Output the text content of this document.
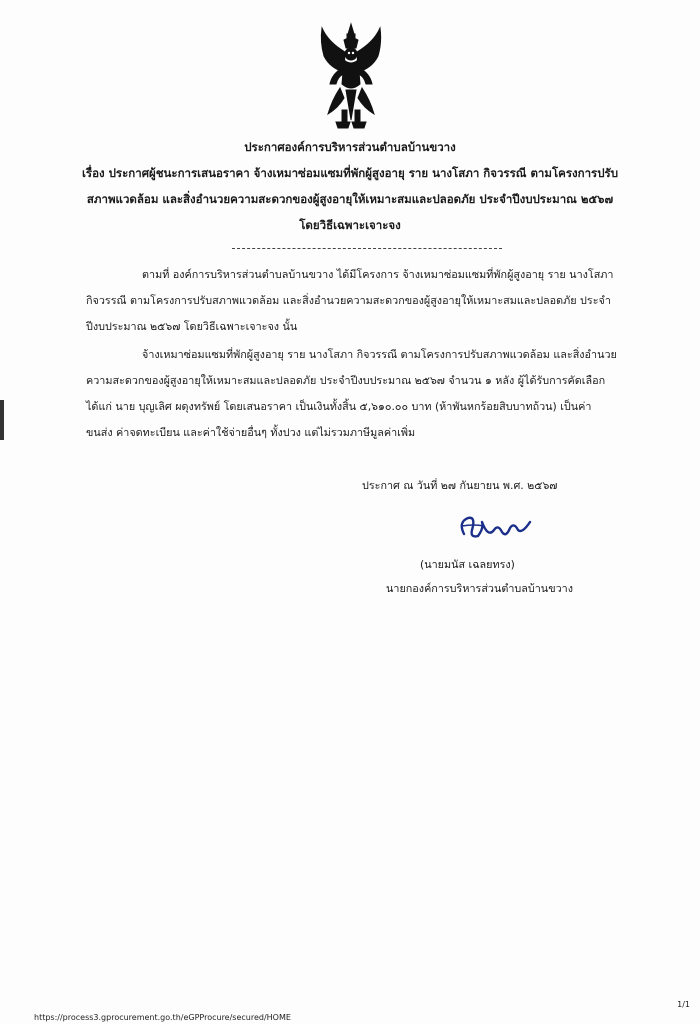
ประกาศองค์การบริหารส่วนตำบลบ้านขวาง
เรื่อง ประกาศผู้ชนะการเสนอราคา จ้างเหมาซ่อมแซมที่พักผู้สูงอายุ ราย นางโสภา กิจวรรณี ตามโครงการปรับ
สภาพแวดล้อม และสิ่งอำนวยความสะดวกของผู้สูงอายุให้เหมาะสมและปลอดภัย ประจำปีงบประมาณ ๒๕๖๗
โดยวิธีเฉพาะเจาะจง
ตามที่ องค์การบริหารส่วนตำบลบ้านขวาง ได้มีโครงการ จ้างเหมาซ่อมแซมที่พักผู้สูงอายุ ราย นางโสภา
กิจวรรณี ตามโครงการปรับสภาพแวดล้อม และสิ่งอำนวยความสะดวกของผู้สูงอายุให้เหมาะสมและปลอดภัย ประจำ
ปีงบประมาณ ๒๕๖๗ โดยวิธีเฉพาะเจาะจง นั้น
จ้างเหมาซ่อมแซมที่พักผู้สูงอายุ ราย นางโสภา กิจวรรณี ตามโครงการปรับสภาพแวดล้อม และสิ่งอำนวย
ความสะดวกของผู้สูงอายุให้เหมาะสมและปลอดภัย ประจำปีงบประมาณ ๒๕๖๗ จำนวน ๑ หลัง ผู้ได้รับการคัดเลือก
ได้แก่ นาย บุญเลิศ ผดุงทรัพย์ โดยเสนอราคา เป็นเงินทั้งสิ้น ๕,๖๑๐.๐๐ บาท (ห้าพันหกร้อยสิบบาทถ้วน) เป็นค่า
ขนส่ง ค่าจดทะเบียน และค่าใช้จ่ายอื่นๆ ทั้งปวง แต่ไม่รวมภาษีมูลค่าเพิ่ม
ประกาศ ณ วันที่ ๒๗ กันยายน พ.ศ. ๒๕๖๗
(นายมนัส เฉลยทรง)
นายกองค์การบริหารส่วนตำบลบ้านขวาง
1/1
https://process3.gprocurement.go.th/eGPProcure/secured/HOME
